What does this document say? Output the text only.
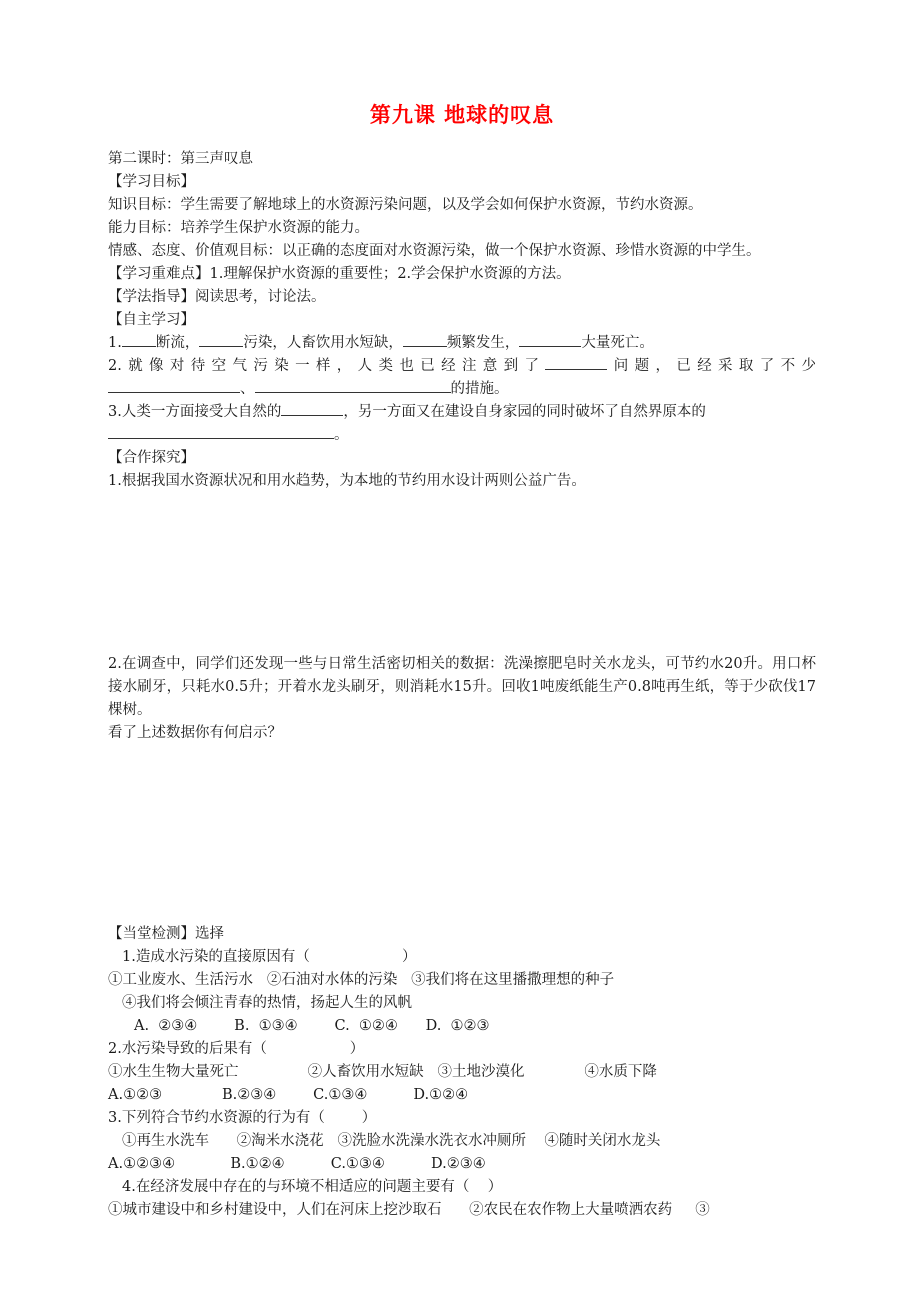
第九课 地球的叹息
第二课时：第三声叹息
【学习目标】
知识目标：学生需要了解地球上的水资源污染问题，以及学会如何保护水资源，节约水资源。
能力目标：培养学生保护水资源的能力。
情感、态度、价值观目标：以正确的态度面对水资源污染，做一个保护水资源、珍惜水资源的中学生。
【学习重难点】1.理解保护水资源的重要性；2.学会保护水资源的方法。
【学法指导】阅读思考，讨论法。
【自主学习】
1. 断流，	污染，人畜饮用水短缺，	频繁发生，	大量死亡。
2.就像对待空气污染一样，人类也已经注意到了	问题，已经采取了不少
、	的措施。
3.人类一方面接受大自然的	，另一方面又在建设自身家园的同时破坏了自然界原本的
。
【合作探究】
1.根据我国水资源状况和用水趋势，为本地的节约用水设计两则公益广告。
2.在调查中，同学们还发现一些与日常生活密切相关的数据：洗澡擦肥皂时关水龙头，可节约水20升。用口杯接水刷牙，只耗水0.5升；开着水龙头刷牙，则消耗水15升。回收1吨废纸能生产0.8吨再生纸，等于少砍伐17棵树。
看了上述数据你有何启示？
【当堂检测】选择
1.造成水污染的直接原因有（                    ）
①工业废水、生活污水   ②石油对水体的污染   ③我们将在这里播撒理想的种子
④我们将会倾注青春的热情，扬起人生的风帆
A.  ②③④	B.  ①③④	C.  ①②④ D.  ①②③
2.水污染导致的后果有（                  ）
①水生生物大量死亡               ②人畜饮用水短缺   ③土地沙漠化             ④水质下降
A.①②③	B.②③④	C.①③④	D.①②④
3.下列符合节约水资源的行为有（        ）
①再生水洗车      ②淘米水浇花   ③洗脸水洗澡水洗衣水冲厕所    ④随时关闭水龙头
A.①②③④	B.①②④	C.①③④	D.②③④
4.在经济发展中存在的与环境不相适应的问题主要有（    ）
①城市建设中和乡村建设中，人们在河床上挖沙取石 ②农民在农作物上大量喷洒农药 ③
